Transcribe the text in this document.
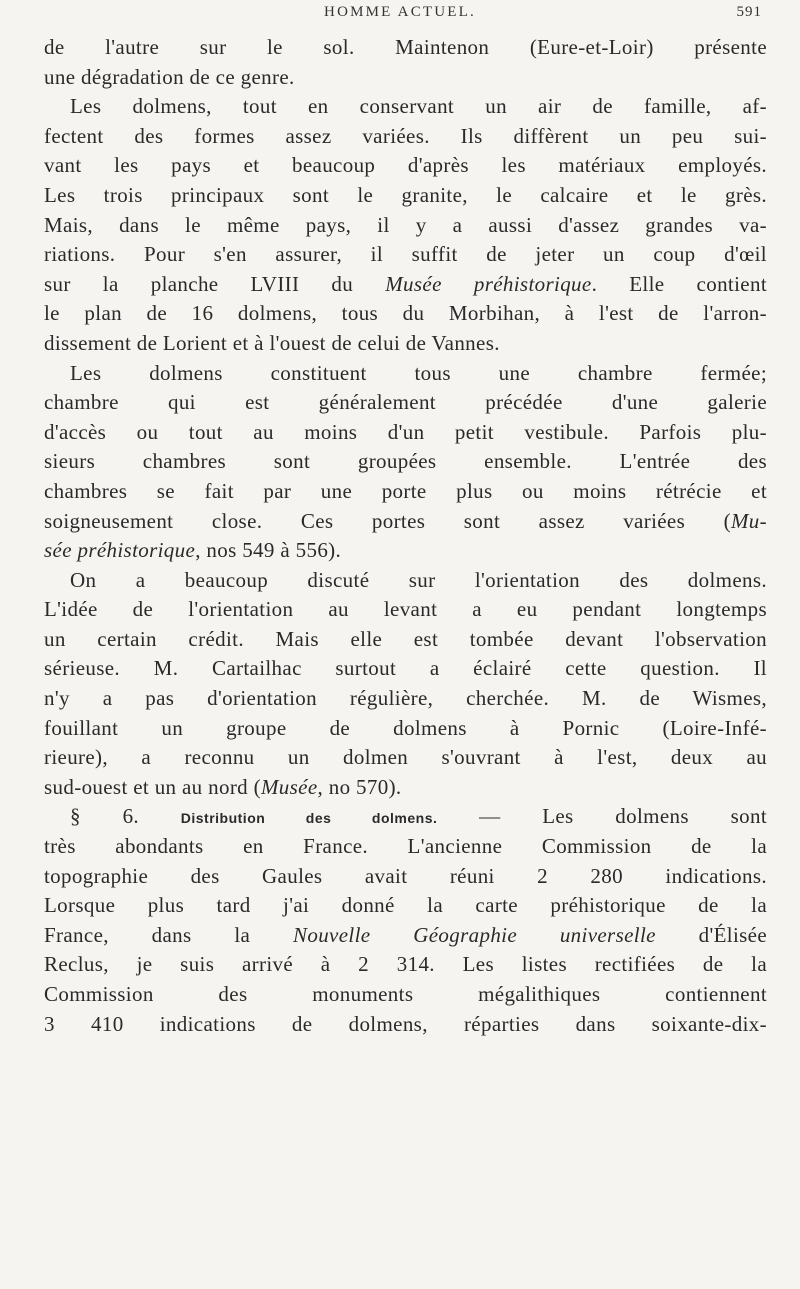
HOMME ACTUEL.	591
de l'autre sur le sol. Maintenon (Eure-et-Loir) présente
une dégradation de ce genre.
Les dolmens, tout en conservant un air de famille, af-
fectent des formes assez variées. Ils diffèrent un peu sui-
vant les pays et beaucoup d'après les matériaux employés.
Les trois principaux sont le granite, le calcaire et le grès.
Mais, dans le même pays, il y a aussi d'assez grandes va-
riations. Pour s'en assurer, il suffit de jeter un coup d'œil
sur la planche LVIII du Musée préhistorique. Elle contient
le plan de 16 dolmens, tous du Morbihan, à l'est de l'arron-
dissement de Lorient et à l'ouest de celui de Vannes.
Les dolmens constituent tous une chambre fermée;
chambre qui est généralement précédée d'une galerie
d'accès ou tout au moins d'un petit vestibule. Parfois plu-
sieurs chambres sont groupées ensemble. L'entrée des
chambres se fait par une porte plus ou moins rétrécie et
soigneusement close. Ces portes sont assez variées (Mu-
sée préhistorique, nos 549 à 556).
On a beaucoup discuté sur l'orientation des dolmens.
L'idée de l'orientation au levant a eu pendant longtemps
un certain crédit. Mais elle est tombée devant l'observation
sérieuse. M. Cartailhac surtout a éclairé cette question. Il
n'y a pas d'orientation régulière, cherchée. M. de Wismes,
fouillant un groupe de dolmens à Pornic (Loire-Infé-
rieure), a reconnu un dolmen s'ouvrant à l'est, deux au
sud-ouest et un au nord (Musée, no 570).
§ 6. Distribution des dolmens. — Les dolmens sont
très abondants en France. L'ancienne Commission de la
topographie des Gaules avait réuni 2 280 indications.
Lorsque plus tard j'ai donné la carte préhistorique de la
France, dans la Nouvelle Géographie universelle d'Élisée
Reclus, je suis arrivé à 2 314. Les listes rectifiées de la
Commission des monuments mégalithiques contiennent
3 410 indications de dolmens, réparties dans soixante-dix-
